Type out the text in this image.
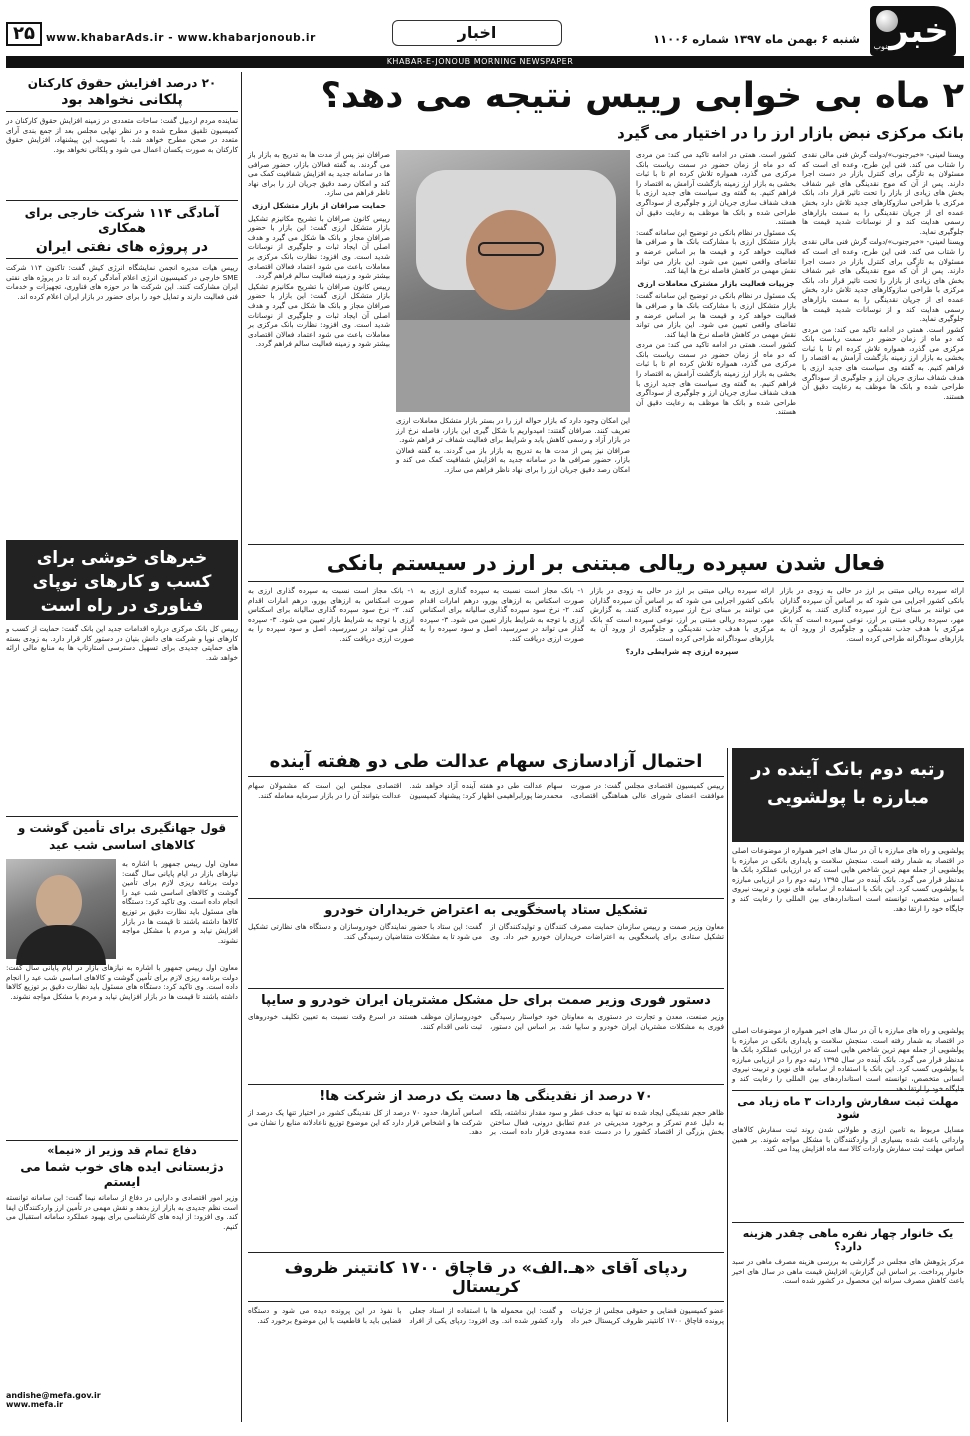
۲۵	www.khabarAds.ir - www.khabarjonoub.ir	اخبار	شنبه ۶ بهمن ماه ۱۳۹۷ شماره ۱۱۰۰۶ خبر
جنوب
KHABAR-E-JONOUB MORNING NEWSPAPER
۲۰ درصد افزایش حقوق کارکنان
پلکانی نخواهد بود
نماینده مردم اردبیل گفت: ساحات متعددی در زمینه افزایش حقوق کارکنان در کمیسیون تلفیق مطرح شده و در نظر نهایی مجلس بعد از جمع بندی آرای متعدد در صحن مطرح خواهد شد. با تصویب این پیشنهاد، افزایش حقوق کارکنان به صورت یکسان اعمال می شود و پلکانی نخواهد بود.
آمادگی ۱۱۴ شرکت خارجی برای همکاری
در پروژه های نفتی ایران
رییس هیات مدیره انجمن نمایشگاه انرژی کیش گفت: تاکنون ۱۱۴ شرکت SME خارجی در کمیسیون انرژی اعلام آمادگی کرده اند تا در پروژه های نفتی ایران مشارکت کنند. این شرکت ها در حوزه های فناوری، تجهیزات و خدمات فنی فعالیت دارند و تمایل خود را برای حضور در بازار ایران اعلام کرده اند.
خبرهای خوشی برای کسب و کارهای نوپای فناوری در راه است
رییس کل بانک مرکزی درباره اقدامات جدید این بانک گفت: حمایت از کسب و کارهای نوپا و شرکت های دانش بنیان در دستور کار قرار دارد. به زودی بسته های حمایتی جدیدی برای تسهیل دسترسی استارتاپ ها به منابع مالی ارائه خواهد شد.
قول جهانگیری برای تأمین گوشت و کالاهای اساسی شب عید
معاون اول رییس جمهور با اشاره به نیازهای بازار در ایام پایانی سال گفت: دولت برنامه ریزی لازم برای تأمین گوشت و کالاهای اساسی شب عید را انجام داده است. وی تاکید کرد: دستگاه های مسئول باید نظارت دقیق بر توزیع کالاها داشته باشند تا قیمت ها در بازار افزایش نیابد و مردم با مشکل مواجه نشوند.
معاون اول رییس جمهور با اشاره به نیازهای بازار در ایام پایانی سال گفت: دولت برنامه ریزی لازم برای تأمین گوشت و کالاهای اساسی شب عید را انجام داده است. وی تاکید کرد: دستگاه های مسئول باید نظارت دقیق بر توزیع کالاها داشته باشند تا قیمت ها در بازار افزایش نیابد و مردم با مشکل مواجه نشوند.
دفاع تمام قد وزیر از «نیما»
دژبستانی ایده های خوب شما می ایستم
وزیر امور اقتصادی و دارایی در دفاع از سامانه نیما گفت: این سامانه توانسته است نظم جدیدی به بازار ارز بدهد و نقش مهمی در تأمین ارز واردکنندگان ایفا کند. وی افزود: از ایده های کارشناسی برای بهبود عملکرد سامانه استقبال می کنیم.
andishe@mefa.gov.ir
www.mefa.ir
۲ ماه بی خوابی رییس نتیجه می دهد؟
بانک مرکزی نبض بازار ارز را در اختیار می گیرد

ویسنا لعینی- «خبرجنوب»/دولت گرش فنی مالی نقدی را شتاب می کند. فنی این طرح، وعده ای است که مسئولان به تازگی برای کنترل بازار در دست اجرا دارند. پس از آن که موج نقدینگی های غیر شفاف بخش های زیادی از بازار را تحت تاثیر قرار داد، بانک مرکزی با طراحی سازوکارهای جدید تلاش دارد بخش عمده ای از جریان نقدینگی را به سمت بازارهای رسمی هدایت کند و از نوسانات شدید قیمت ها جلوگیری نماید.

ویسنا لعینی- «خبرجنوب»/دولت گرش فنی مالی نقدی را شتاب می کند. فنی این طرح، وعده ای است که مسئولان به تازگی برای کنترل بازار در دست اجرا دارند. پس از آن که موج نقدینگی های غیر شفاف بخش های زیادی از بازار را تحت تاثیر قرار داد، بانک مرکزی با طراحی سازوکارهای جدید تلاش دارد بخش عمده ای از جریان نقدینگی را به سمت بازارهای رسمی هدایت کند و از نوسانات شدید قیمت ها جلوگیری نماید.

کشور است. همتی در ادامه تاکید می کند: من مردی که دو ماه از زمان حضور در سمت ریاست بانک مرکزی می گذرد، همواره تلاش کرده ام تا با ثبات بخشی به بازار ارز زمینه بازگشت آرامش به اقتصاد را فراهم کنیم. به گفته وی سیاست های جدید ارزی با هدف شفاف سازی جریان ارز و جلوگیری از سوداگری طراحی شده و بانک ها موظف به رعایت دقیق آن هستند.

کشور است. همتی در ادامه تاکید می کند: من مردی که دو ماه از زمان حضور در سمت ریاست بانک مرکزی می گذرد، همواره تلاش کرده ام تا با ثبات بخشی به بازار ارز زمینه بازگشت آرامش به اقتصاد را فراهم کنیم. به گفته وی سیاست های جدید ارزی با هدف شفاف سازی جریان ارز و جلوگیری از سوداگری طراحی شده و بانک ها موظف به رعایت دقیق آن هستند.

یک مسئول در نظام بانکی در توضیح این سامانه گفت: بازار متشکل ارزی با مشارکت بانک ها و صرافی ها فعالیت خواهد کرد و قیمت ها بر اساس عرضه و تقاضای واقعی تعیین می شود. این بازار می تواند نقش مهمی در کاهش فاصله نرخ ها ایفا کند.

جزییات فعالیت بازار مشترک معاملات ارزی

یک مسئول در نظام بانکی در توضیح این سامانه گفت: بازار متشکل ارزی با مشارکت بانک ها و صرافی ها فعالیت خواهد کرد و قیمت ها بر اساس عرضه و تقاضای واقعی تعیین می شود. این بازار می تواند نقش مهمی در کاهش فاصله نرخ ها ایفا کند.

کشور است. همتی در ادامه تاکید می کند: من مردی که دو ماه از زمان حضور در سمت ریاست بانک مرکزی می گذرد، همواره تلاش کرده ام تا با ثبات بخشی به بازار ارز زمینه بازگشت آرامش به اقتصاد را فراهم کنیم. به گفته وی سیاست های جدید ارزی با هدف شفاف سازی جریان ارز و جلوگیری از سوداگری طراحی شده و بانک ها موظف به رعایت دقیق آن هستند.

این امکان وجود دارد که بازار حواله ارز را در بستر بازار متشکل معاملات ارزی تعریف کنند. صرافان گفتند: امیدواریم با شکل گیری این بازار، فاصله نرخ ارز در بازار آزاد و رسمی کاهش یابد و شرایط برای فعالیت شفاف تر فراهم شود.

صرافان نیز پس از مدت ها به تدریج به بازار باز می گردند. به گفته فعالان بازار، حضور صرافی ها در سامانه جدید به افزایش شفافیت کمک می کند و امکان رصد دقیق جریان ارز را برای نهاد ناظر فراهم می سازد.

صرافان نیز پس از مدت ها به تدریج به بازار باز می گردند. به گفته فعالان بازار، حضور صرافی ها در سامانه جدید به افزایش شفافیت کمک می کند و امکان رصد دقیق جریان ارز را برای نهاد ناظر فراهم می سازد.

حمایت صرافان از بازار متشکل ارزی

رییس کانون صرافان با تشریح مکانیزم تشکیل بازار متشکل ارزی گفت: این بازار با حضور صرافان مجاز و بانک ها شکل می گیرد و هدف اصلی آن ایجاد ثبات و جلوگیری از نوسانات شدید است. وی افزود: نظارت بانک مرکزی بر معاملات باعث می شود اعتماد فعالان اقتصادی بیشتر شود و زمینه فعالیت سالم فراهم گردد.

رییس کانون صرافان با تشریح مکانیزم تشکیل بازار متشکل ارزی گفت: این بازار با حضور صرافان مجاز و بانک ها شکل می گیرد و هدف اصلی آن ایجاد ثبات و جلوگیری از نوسانات شدید است. وی افزود: نظارت بانک مرکزی بر معاملات باعث می شود اعتماد فعالان اقتصادی بیشتر شود و زمینه فعالیت سالم فراهم گردد.

فعال شدن سپرده ریالی مبتنی بر ارز در سیستم بانکی

ارائه سپرده ریالی مبتنی بر ارز در حالی به زودی در بازار بانکی کشور اجرایی می شود که بر اساس آن سپرده گذاران می توانند بر مبنای نرخ ارز سپرده گذاری کنند. به گزارش مهر، سپرده ریالی مبتنی بر ارز، نوعی سپرده است که بانک مرکزی با هدف جذب نقدینگی و جلوگیری از ورود آن به بازارهای سوداگرانه طراحی کرده است.

ارائه سپرده ریالی مبتنی بر ارز در حالی به زودی در بازار بانکی کشور اجرایی می شود که بر اساس آن سپرده گذاران می توانند بر مبنای نرخ ارز سپرده گذاری کنند. به گزارش مهر، سپرده ریالی مبتنی بر ارز، نوعی سپرده است که بانک مرکزی با هدف جذب نقدینگی و جلوگیری از ورود آن به بازارهای سوداگرانه طراحی کرده است.

سپرده ارزی چه شرایطی دارد؟

۱- بانک مجاز است نسبت به سپرده گذاری ارزی به صورت اسکناس به ارزهای یورو، درهم امارات اقدام کند. ۲- نرخ سود سپرده گذاری سالیانه برای اسکناس ارزی با توجه به شرایط بازار تعیین می شود. ۳- سپرده گذار می تواند در سررسید، اصل و سود سپرده را به صورت ارزی دریافت کند.

۱- بانک مجاز است نسبت به سپرده گذاری ارزی به صورت اسکناس به ارزهای یورو، درهم امارات اقدام کند. ۲- نرخ سود سپرده گذاری سالیانه برای اسکناس ارزی با توجه به شرایط بازار تعیین می شود. ۳- سپرده گذار می تواند در سررسید، اصل و سود سپرده را به صورت ارزی دریافت کند.

رتبه دوم بانک آینده در مبارزه با پولشویی
پولشویی و راه های مبارزه با آن در سال های اخیر همواره از موضوعات اصلی در اقتصاد به شمار رفته است. سنجش سلامت و پایداری بانکی در مبارزه با پولشویی از جمله مهم ترین شاخص هایی است که در ارزیابی عملکرد بانک ها مدنظر قرار می گیرد. بانک آینده در سال ۱۳۹۵ رتبه دوم را در ارزیابی مبارزه با پولشویی کسب کرد. این بانک با استفاده از سامانه های نوین و تربیت نیروی انسانی متخصص، توانسته است استانداردهای بین المللی را رعایت کند و جایگاه خود را ارتقا دهد.
پولشویی و راه های مبارزه با آن در سال های اخیر همواره از موضوعات اصلی در اقتصاد به شمار رفته است. سنجش سلامت و پایداری بانکی در مبارزه با پولشویی از جمله مهم ترین شاخص هایی است که در ارزیابی عملکرد بانک ها مدنظر قرار می گیرد. بانک آینده در سال ۱۳۹۵ رتبه دوم را در ارزیابی مبارزه با پولشویی کسب کرد. این بانک با استفاده از سامانه های نوین و تربیت نیروی انسانی متخصص، توانسته است استانداردهای بین المللی را رعایت کند و جایگاه خود را ارتقا دهد.
مهلت ثبت سفارش واردات ۳ ماه زیاد می شود
مسایل مربوط به تامین ارزی و طولانی شدن روند ثبت سفارش کالاهای وارداتی باعث شده بسیاری از واردکنندگان با مشکل مواجه شوند. بر همین اساس مهلت ثبت سفارش واردات کالا سه ماه افزایش پیدا می کند.
یک خانوار چهار نفره ماهی چقدر هزینه دارد؟
مرکز پژوهش های مجلس در گزارشی به بررسی هزینه مصرف ماهی در سبد خانوار پرداخت. بر اساس این گزارش، افزایش قیمت ماهی در سال های اخیر باعث کاهش مصرف سرانه این محصول در کشور شده است.
احتمال آزادسازی سهام عدالت طی دو هفته آینده
رییس کمیسیون اقتصادی مجلس گفت: در صورت موافقت اعضای شورای عالی هماهنگی اقتصادی، سهام عدالت طی دو هفته آینده آزاد خواهد شد. محمدرضا پورابراهیمی اظهار کرد: پیشنهاد کمیسیون اقتصادی مجلس این است که مشمولان سهام عدالت بتوانند آن را در بازار سرمایه معامله کنند.
تشکیل ستاد پاسخگویی به اعتراض خریداران خودرو
معاون وزیر صمت و رییس سازمان حمایت مصرف کنندگان و تولیدکنندگان از تشکیل ستادی برای پاسخگویی به اعتراضات خریداران خودرو خبر داد. وی گفت: این ستاد با حضور نمایندگان خودروسازان و دستگاه های نظارتی تشکیل می شود تا به مشکلات متقاضیان رسیدگی کند.
دستور فوری وزیر صمت برای حل مشکل مشتریان ایران خودرو و سایپا
وزیر صنعت، معدن و تجارت در دستوری به معاونان خود خواستار رسیدگی فوری به مشکلات مشتریان ایران خودرو و سایپا شد. بر اساس این دستور، خودروسازان موظف هستند در اسرع وقت نسبت به تعیین تکلیف خودروهای ثبت نامی اقدام کنند.
۷۰ درصد از نقدینگی ها دست یک درصد از شرکت ها!
ظاهر حجم نقدینگی ایجاد شده نه تنها به حدف عطر و سود مقدار نداشته، بلکه به دلیل عدم تمرکز و برخورد مدیریتی در عدم تطابق درونی، فعال ساختن بخش بزرگی از اقتصاد کشور را در دست عده معدودی قرار داده است. بر اساس آمارها، حدود ۷۰ درصد از کل نقدینگی کشور در اختیار تنها یک درصد از شرکت ها و اشخاص قرار دارد که این موضوع توزیع ناعادلانه منابع را نشان می دهد.
ردپای آقای «هـ.الف» در قاچاق ۱۷۰۰ کانتینر ظروف کریستال
عضو کمیسیون قضایی و حقوقی مجلس از جزئیات پرونده قاچاق ۱۷۰۰ کانتینر ظروف کریستال خبر داد و گفت: این محموله ها با استفاده از اسناد جعلی وارد کشور شده اند. وی افزود: ردپای یکی از افراد با نفوذ در این پرونده دیده می شود و دستگاه قضایی باید با قاطعیت با این موضوع برخورد کند.
